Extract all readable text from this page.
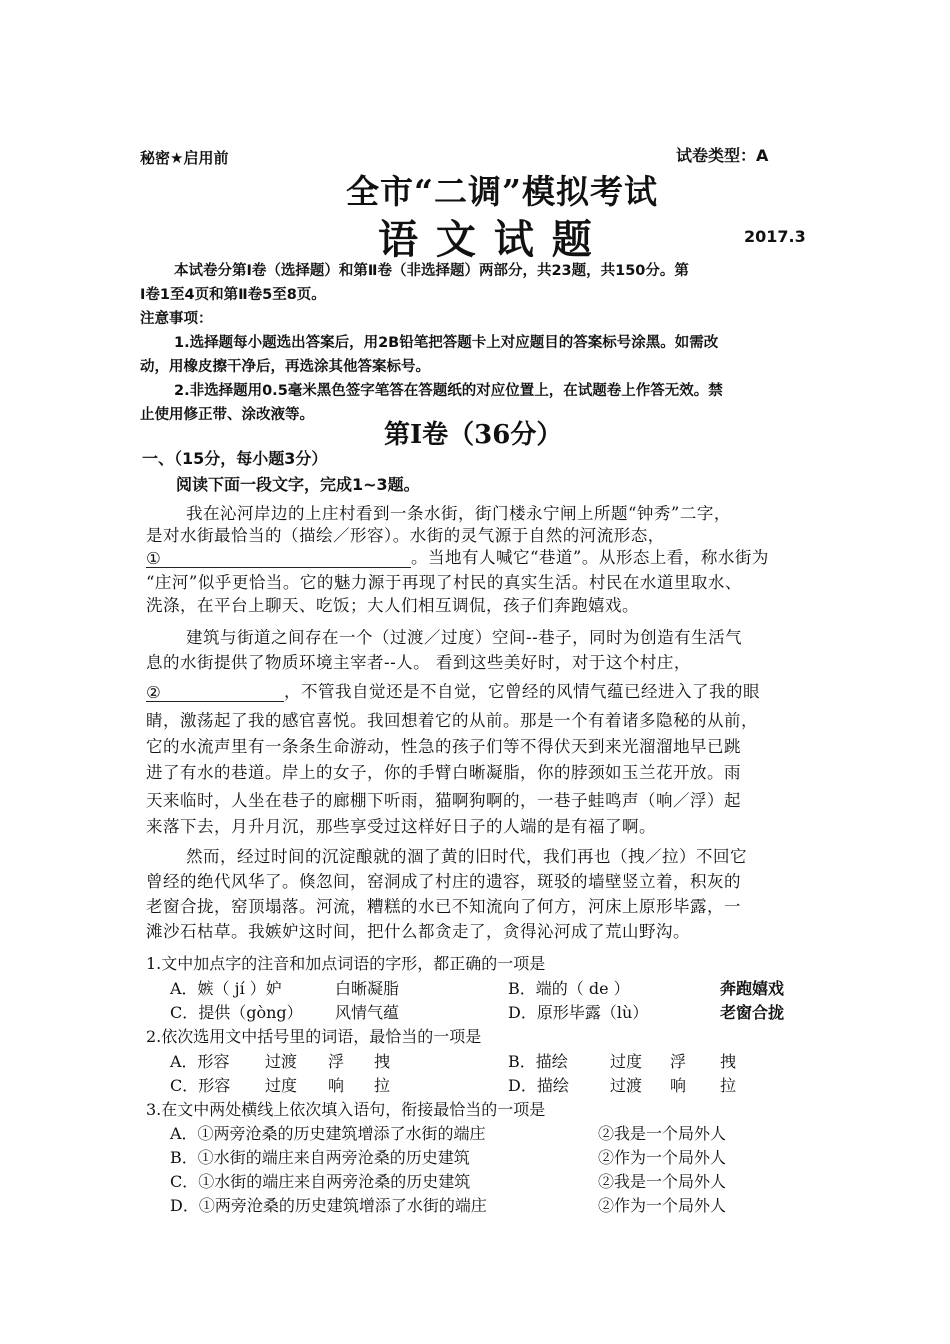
秘密★启用前	试卷类型：A
全市“二调”模拟考试
语 文 试 题	2017.3
本试卷分第Ⅰ卷（选择题）和第Ⅱ卷（非选择题）两部分，共23题，共150分。第
Ⅰ卷1至4页和第Ⅱ卷5至8页。
注意事项：
1.选择题每小题选出答案后，用2B铅笔把答题卡上对应题目的答案标号涂黑。如需改
动，用橡皮擦干净后，再选涂其他答案标号。
2.非选择题用0.5毫米黑色签字笔答在答题纸的对应位置上，在试题卷上作答无效。禁
止使用修正带、涂改液等。
第Ⅰ卷（36分）
一、（15分，每小题3分）
阅读下面一段文字，完成1~3题。
我在沁河岸边的上庄村看到一条水街，街门楼永宁闸上所题“钟秀”二字，
是对水街最恰当的（描绘／形容）。水街的灵气源于自然的河流形态，
①	。当地有人喊它“巷道”。从形态上看，称水街为
“庄河”似乎更恰当。它的魅力源于再现了村民的真实生活。村民在水道里取水、
洗涤，在平台上聊天、吃饭；大人们相互调侃，孩子们奔跑嬉戏。
建筑与街道之间存在一个（过渡／过度）空间--巷子，同时为创造有生活气
息的水街提供了物质环境主宰者--人。 看到这些美好时，对于这个村庄，
②	，不管我自觉还是不自觉，它曾经的风情气蕴已经进入了我的眼
睛，激荡起了我的感官喜悦。我回想着它的从前。那是一个有着诸多隐秘的从前，
它的水流声里有一条条生命游动，性急的孩子们等不得伏天到来光溜溜地早已跳
进了有水的巷道。岸上的女子，你的手臂白晰凝脂，你的脖颈如玉兰花开放。雨
天来临时，人坐在巷子的廊棚下听雨，猫啊狗啊的，一巷子蛙鸣声（响／浮）起
来落下去，月升月沉，那些享受过这样好日子的人端的是有福了啊。
然而，经过时间的沉淀酿就的涸了黄的旧时代，我们再也（拽／拉）不回它
曾经的绝代风华了。倏忽间，窑洞成了村庄的遗容，斑驳的墙壁竖立着，积灰的
老窗合拢，窑顶塌落。河流，糟糕的水已不知流向了何方，河床上原形毕露，一
滩沙石枯草。我嫉妒这时间，把什么都贪走了，贪得沁河成了荒山野沟。
1.文中加点字的注音和加点词语的字形，都正确的一项是
A．嫉（ jí ）妒	白晰凝脂	B．端的（ de ）	奔跑嬉戏
C．提供（gòng） 风情气蕴	D．原形毕露（lù）	老窗合拢
2.依次选用文中括号里的词语，最恰当的一项是
A．形容 过渡 浮 拽	B．描绘	过度 浮 拽
C．形容 过度 响 拉	D．描绘	过渡 响 拉
3.在文中两处横线上依次填入语句，衔接最恰当的一项是
A．①两旁沧桑的历史建筑增添了水街的端庄	②我是一个局外人
B．①水街的端庄来自两旁沧桑的历史建筑	②作为一个局外人
C．①水街的端庄来自两旁沧桑的历史建筑	②我是一个局外人
D．①两旁沧桑的历史建筑增添了水街的端庄	②作为一个局外人
